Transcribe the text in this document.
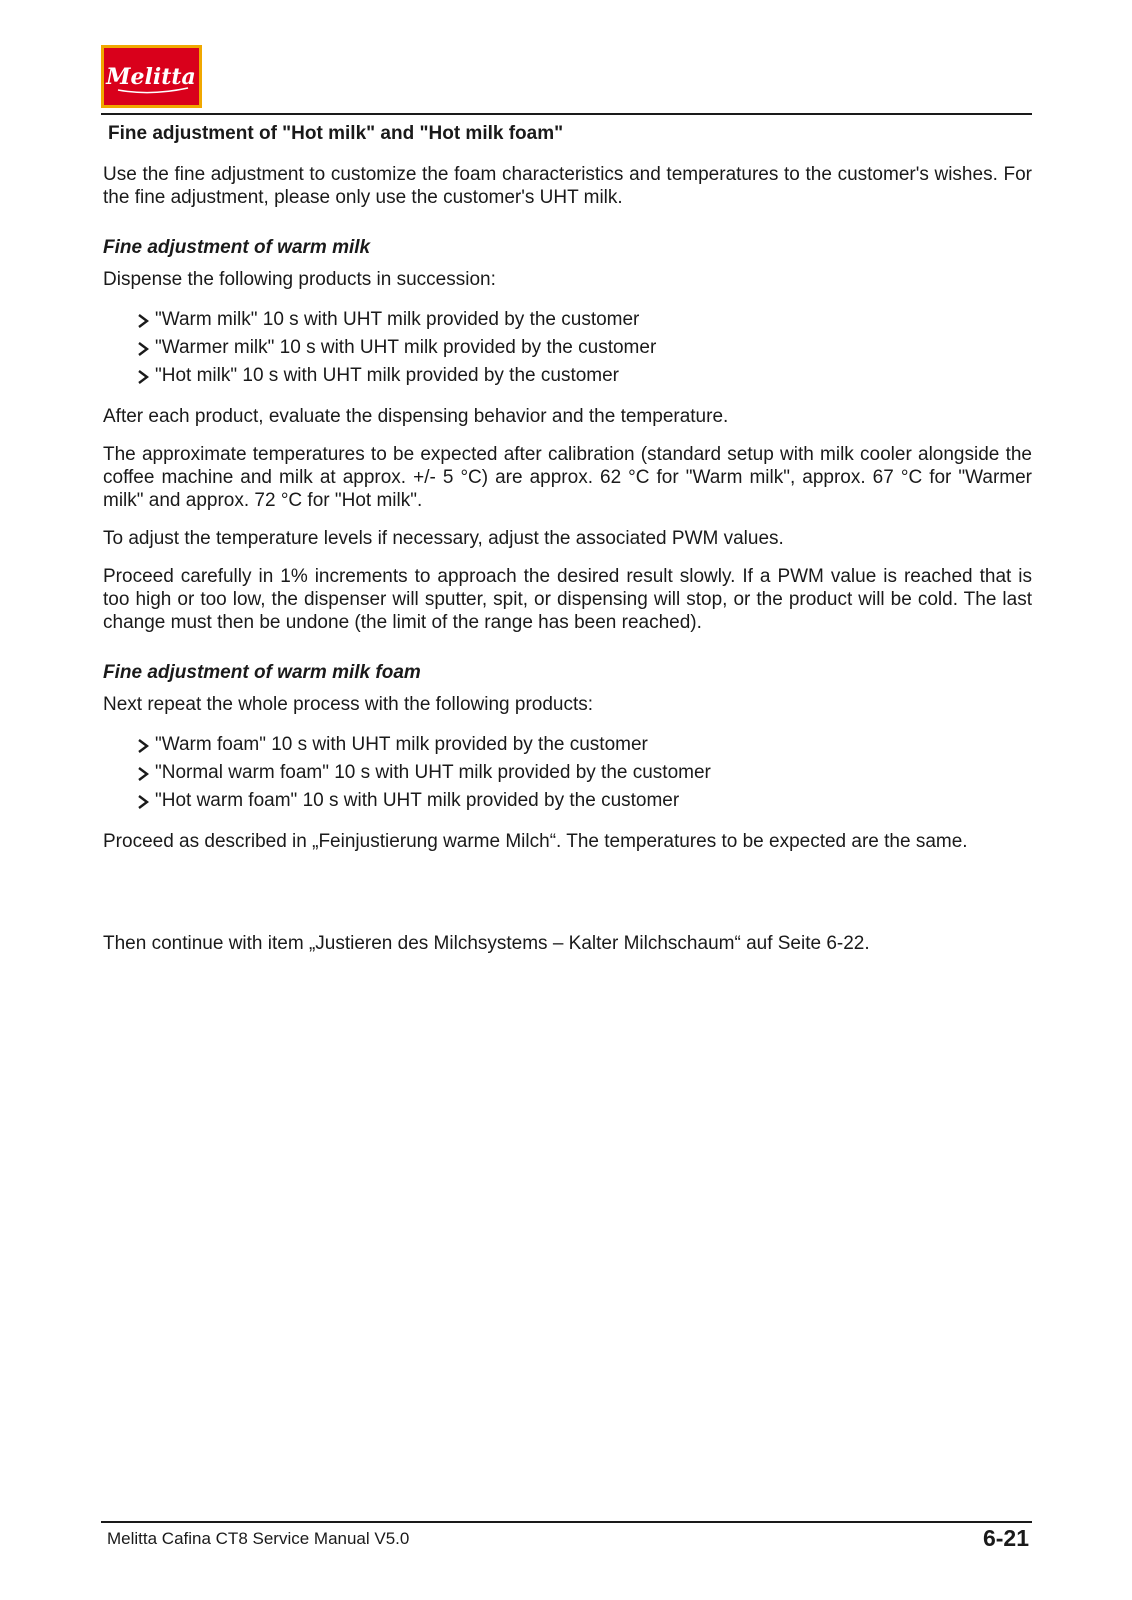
Melitta
Fine adjustment of "Hot milk" and "Hot milk foam"

Use the fine adjustment to customize the foam characteristics and temperatures to the customer's wishes. For the fine adjustment, please only use the customer's UHT milk.

Fine adjustment of warm milk

Dispense the following products in succession:

"Warm milk" 10 s with UHT milk provided by the customer
"Warmer milk" 10 s with UHT milk provided by the customer
"Hot milk" 10 s with UHT milk provided by the customer

After each product, evaluate the dispensing behavior and the temperature.

The approximate temperatures to be expected after calibration (standard setup with milk cooler alongside the coffee machine and milk at approx. +/- 5 °C) are approx. 62 °C for "Warm milk", approx. 67 °C for "Warmer milk" and approx. 72 °C for "Hot milk".

To adjust the temperature levels if necessary, adjust the associated PWM values.

Proceed carefully in 1% increments to approach the desired result slowly. If a PWM value is reached that is too high or too low, the dispenser will sputter, spit, or dispensing will stop, or the product will be cold. The last change must then be undone (the limit of the range has been reached).

Fine adjustment of warm milk foam

Next repeat the whole process with the following products:

"Warm foam" 10 s with UHT milk provided by the customer
"Normal warm foam" 10 s with UHT milk provided by the customer
"Hot warm foam" 10 s with UHT milk provided by the customer

Proceed as described in „Feinjustierung warme Milch“. The temperatures to be expected are the same.

Then continue with item „Justieren des Milchsystems – Kalter Milchschaum“ auf Seite 6-22.

Melitta Cafina CT8 Service Manual V5.0	6-21
